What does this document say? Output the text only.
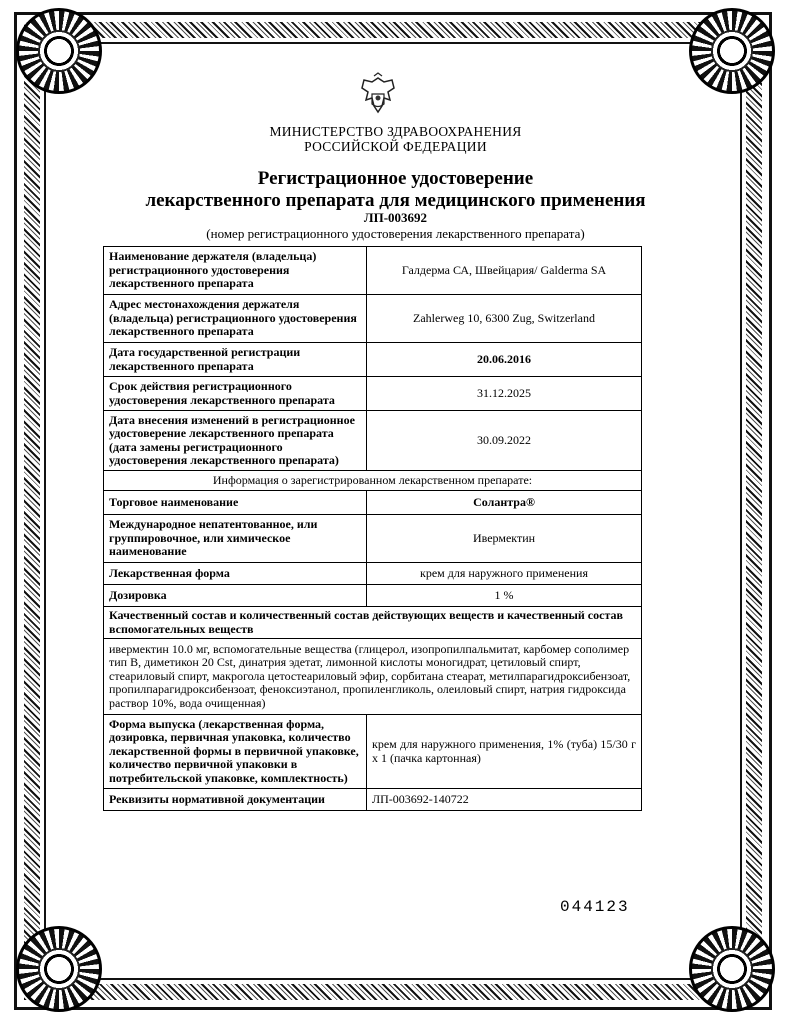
МИНИСТЕРСТВО ЗДРАВООХРАНЕНИЯ
РОССИЙСКОЙ ФЕДЕРАЦИИ
Регистрационное удостоверение
лекарственного препарата для медицинского применения
ЛП-003692
(номер регистрационного удостоверения лекарственного препарата)
Наименование держателя (владельца) регистрационного удостоверения лекарственного препарата	Галдерма СА, Швейцария/ Galderma SA
Адрес местонахождения держателя (владельца) регистрационного удостоверения лекарственного препарата	Zahlerweg 10, 6300 Zug, Switzerland
Дата государственной регистрации лекарственного препарата	20.06.2016
Срок действия регистрационного удостоверения лекарственного препарата	31.12.2025
Дата внесения изменений в регистрационное удостоверение лекарственного препарата (дата замены регистрационного удостоверения лекарственного препарата)	30.09.2022
Информация о зарегистрированном лекарственном препарате:	
Торговое наименование	Солантра®
Международное непатентованное, или группировочное, или химическое наименование	Ивермектин
Лекарственная форма	крем для наружного применения
Дозировка	1 %
Качественный состав и количественный состав действующих веществ и качественный состав вспомогательных веществ	
ивермектин 10.0 мг, вспомогательные вещества (глицерол, изопропилпальмитат, карбомер сополимер тип В, диметикон 20 Cst, динатрия эдетат, лимонной кислоты моногидрат, цетиловый спирт, стеариловый спирт, макрогола цетостеариловый эфир, сорбитана стеарат, метилпарагидроксибензоат, пропилпарагидроксибензоат, феноксиэтанол, пропиленгликоль, олеиловый спирт, натрия гидроксида раствор 10%, вода очищенная)	
Форма выпуска (лекарственная форма, дозировка, первичная упаковка, количество лекарственной формы в первичной упаковке, количество первичной упаковки в потребительской упаковке, комплектность)	крем для наружного применения, 1% (туба) 15/30 г х 1 (пачка картонная)
Реквизиты нормативной документации	ЛП-003692-140722
044123
